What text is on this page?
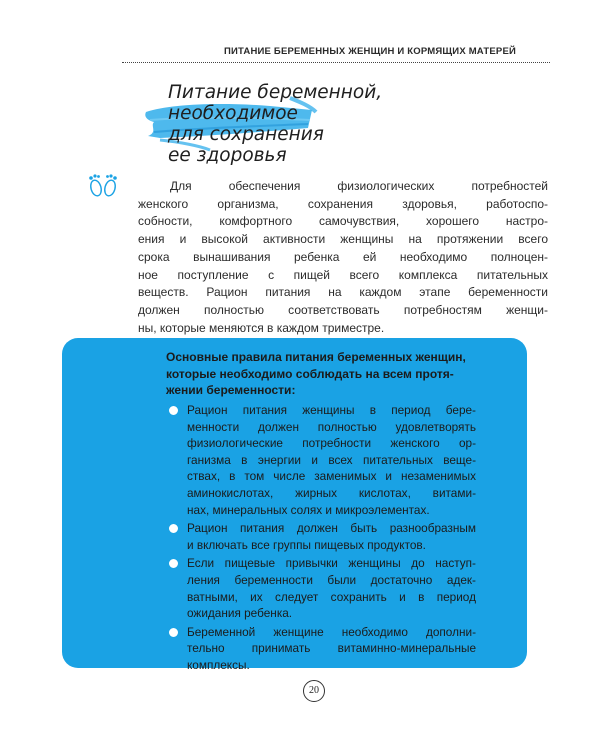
ПИТАНИЕ БЕРЕМЕННЫХ ЖЕНЩИН И КОРМЯЩИХ МАТЕРЕЙ
Питание беременной,
необходимое
для сохранения
ее здоровья
Для обеспечения физиологических потребностей
женского организма, сохранения здоровья, работоспо-
собности, комфортного самочувствия, хорошего настро-
ения и высокой активности женщины на протяжении всего
срока вынашивания ребенка ей необходимо полноцен-
ное поступление с пищей всего комплекса питательных
веществ. Рацион питания на каждом этапе беременности
должен полностью соответствовать потребностям женщи-
ны, которые меняются в каждом триместре.
Основные правила питания беременных женщин,
которые необходимо соблюдать на всем протя-
жении беременности:
Рацион питания женщины в период бере-
менности должен полностью удовлетворять
физиологические потребности женского ор-
ганизма в энергии и всех питательных веще-
ствах, в том числе заменимых и незаменимых
аминокислотах, жирных кислотах, витами-
нах, минеральных солях и микроэлементах.
Рацион питания должен быть разнообразным
и включать все группы пищевых продуктов.
Если пищевые привычки женщины до наступ-
ления беременности были достаточно адек-
ватными, их следует сохранить и в период
ожидания ребенка.
Беременной женщине необходимо дополни-
тельно принимать витаминно-минеральные
комплексы.
20
